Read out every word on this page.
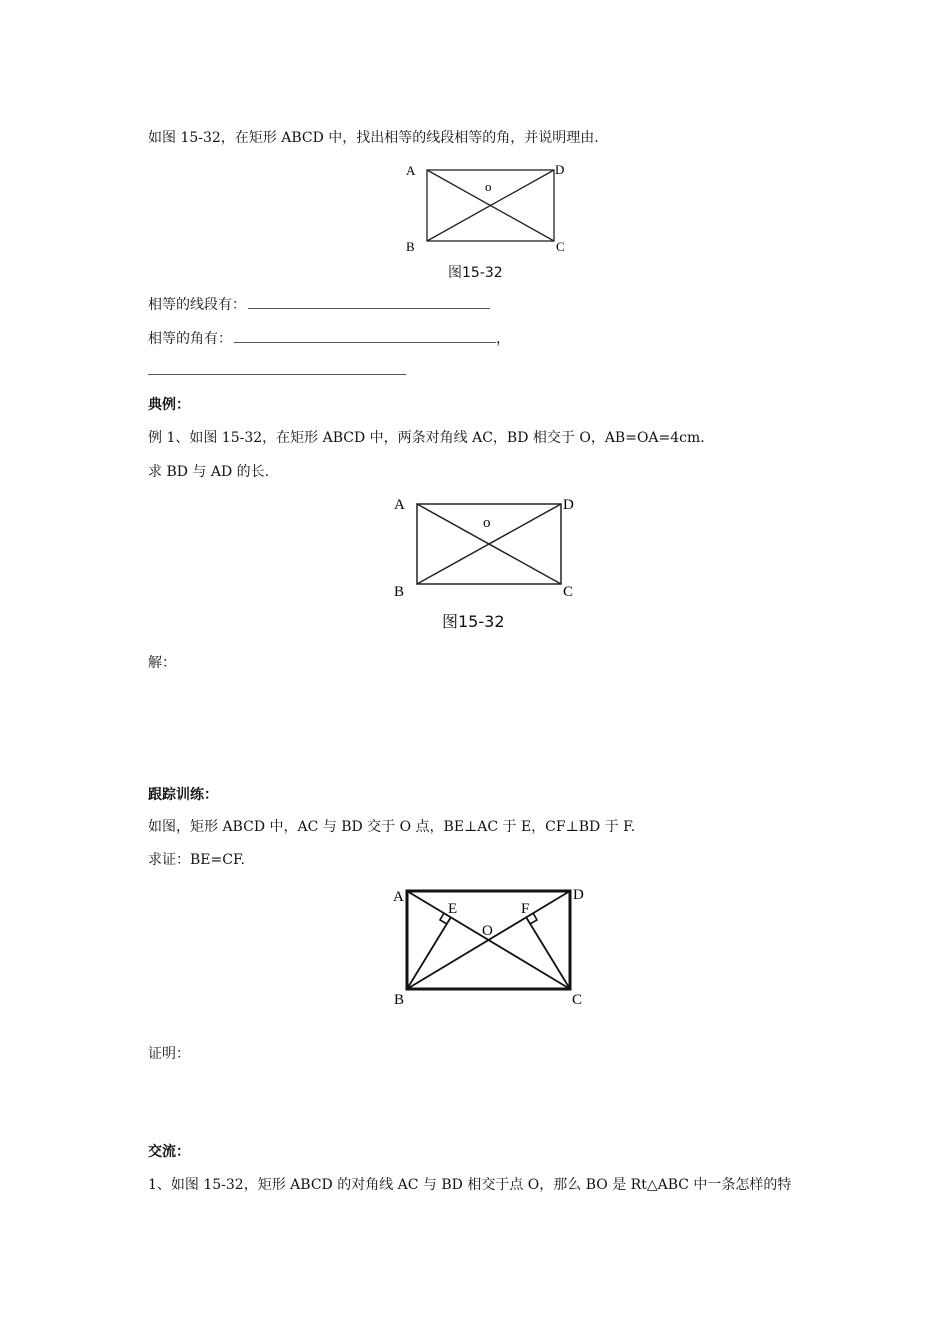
如图 15-32，在矩形 ABCD 中，找出相等的线段相等的角，并说明理由.
A	D
o
B	C
图15-32
相等的线段有：
相等的角有：	，
典例：
例 1、如图 15-32，在矩形 ABCD 中，两条对角线 AC，BD 相交于 O，AB=OA=4cm.
求 BD 与 AD 的长.
A	D
o
B	C
图15-32
解：
跟踪训练：
如图，矩形 ABCD 中，AC 与 BD 交于 O 点，BE⊥AC 于 E，CF⊥BD 于 F.
求证：BE=CF.
A	D
E	F
O
B	C
证明：
交流：
1、如图 15-32，矩形 ABCD 的对角线 AC 与 BD 相交于点 O，那么 BO 是 Rt△ABC 中一条怎样的特
